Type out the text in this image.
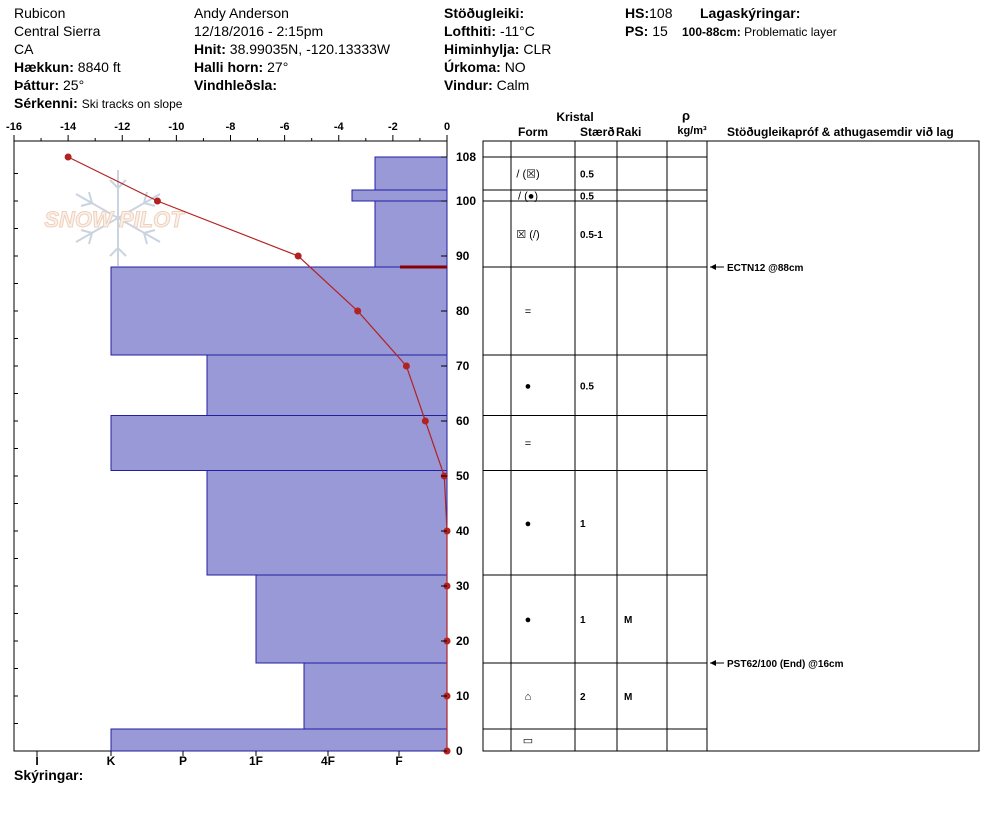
Rubicon
Central Sierra
CA
Hækkun: 8840 ft
Þáttur: 25°
Sérkenni: Ski tracks on slope
Andy Anderson
12/18/2016 - 2:15pm
Hnit: 38.99035N, -120.13333W
Halli horn: 27°
Vindhleðsla:
Stöðugleiki:
Lofthiti: -11°C
Himinhylja: CLR
Úrkoma: NO
Vindur: Calm
HS:108
PS: 15
Lagaskýringar:
100-88cm: Problematic layer
Skýringar:
SNOW PILOT
-16	-14	-12	-10	-8	-6	-4	-2	0
0
10
20
30
40
50
60
70
80
90
100
108
I	K	P	1F	4F	F
Kristal
Form	Stærð Raki
ρ
kg/m³ Stöðugleikapróf & athugasemdir við lag
/ (☒)	0.5
/ (●)	0.5
☒ (/)	0.5-1
=
●	0.5
=
●	1
●	1	M
⌂	2	M
▭
ECTN12 @88cm
PST62/100 (End) @16cm
